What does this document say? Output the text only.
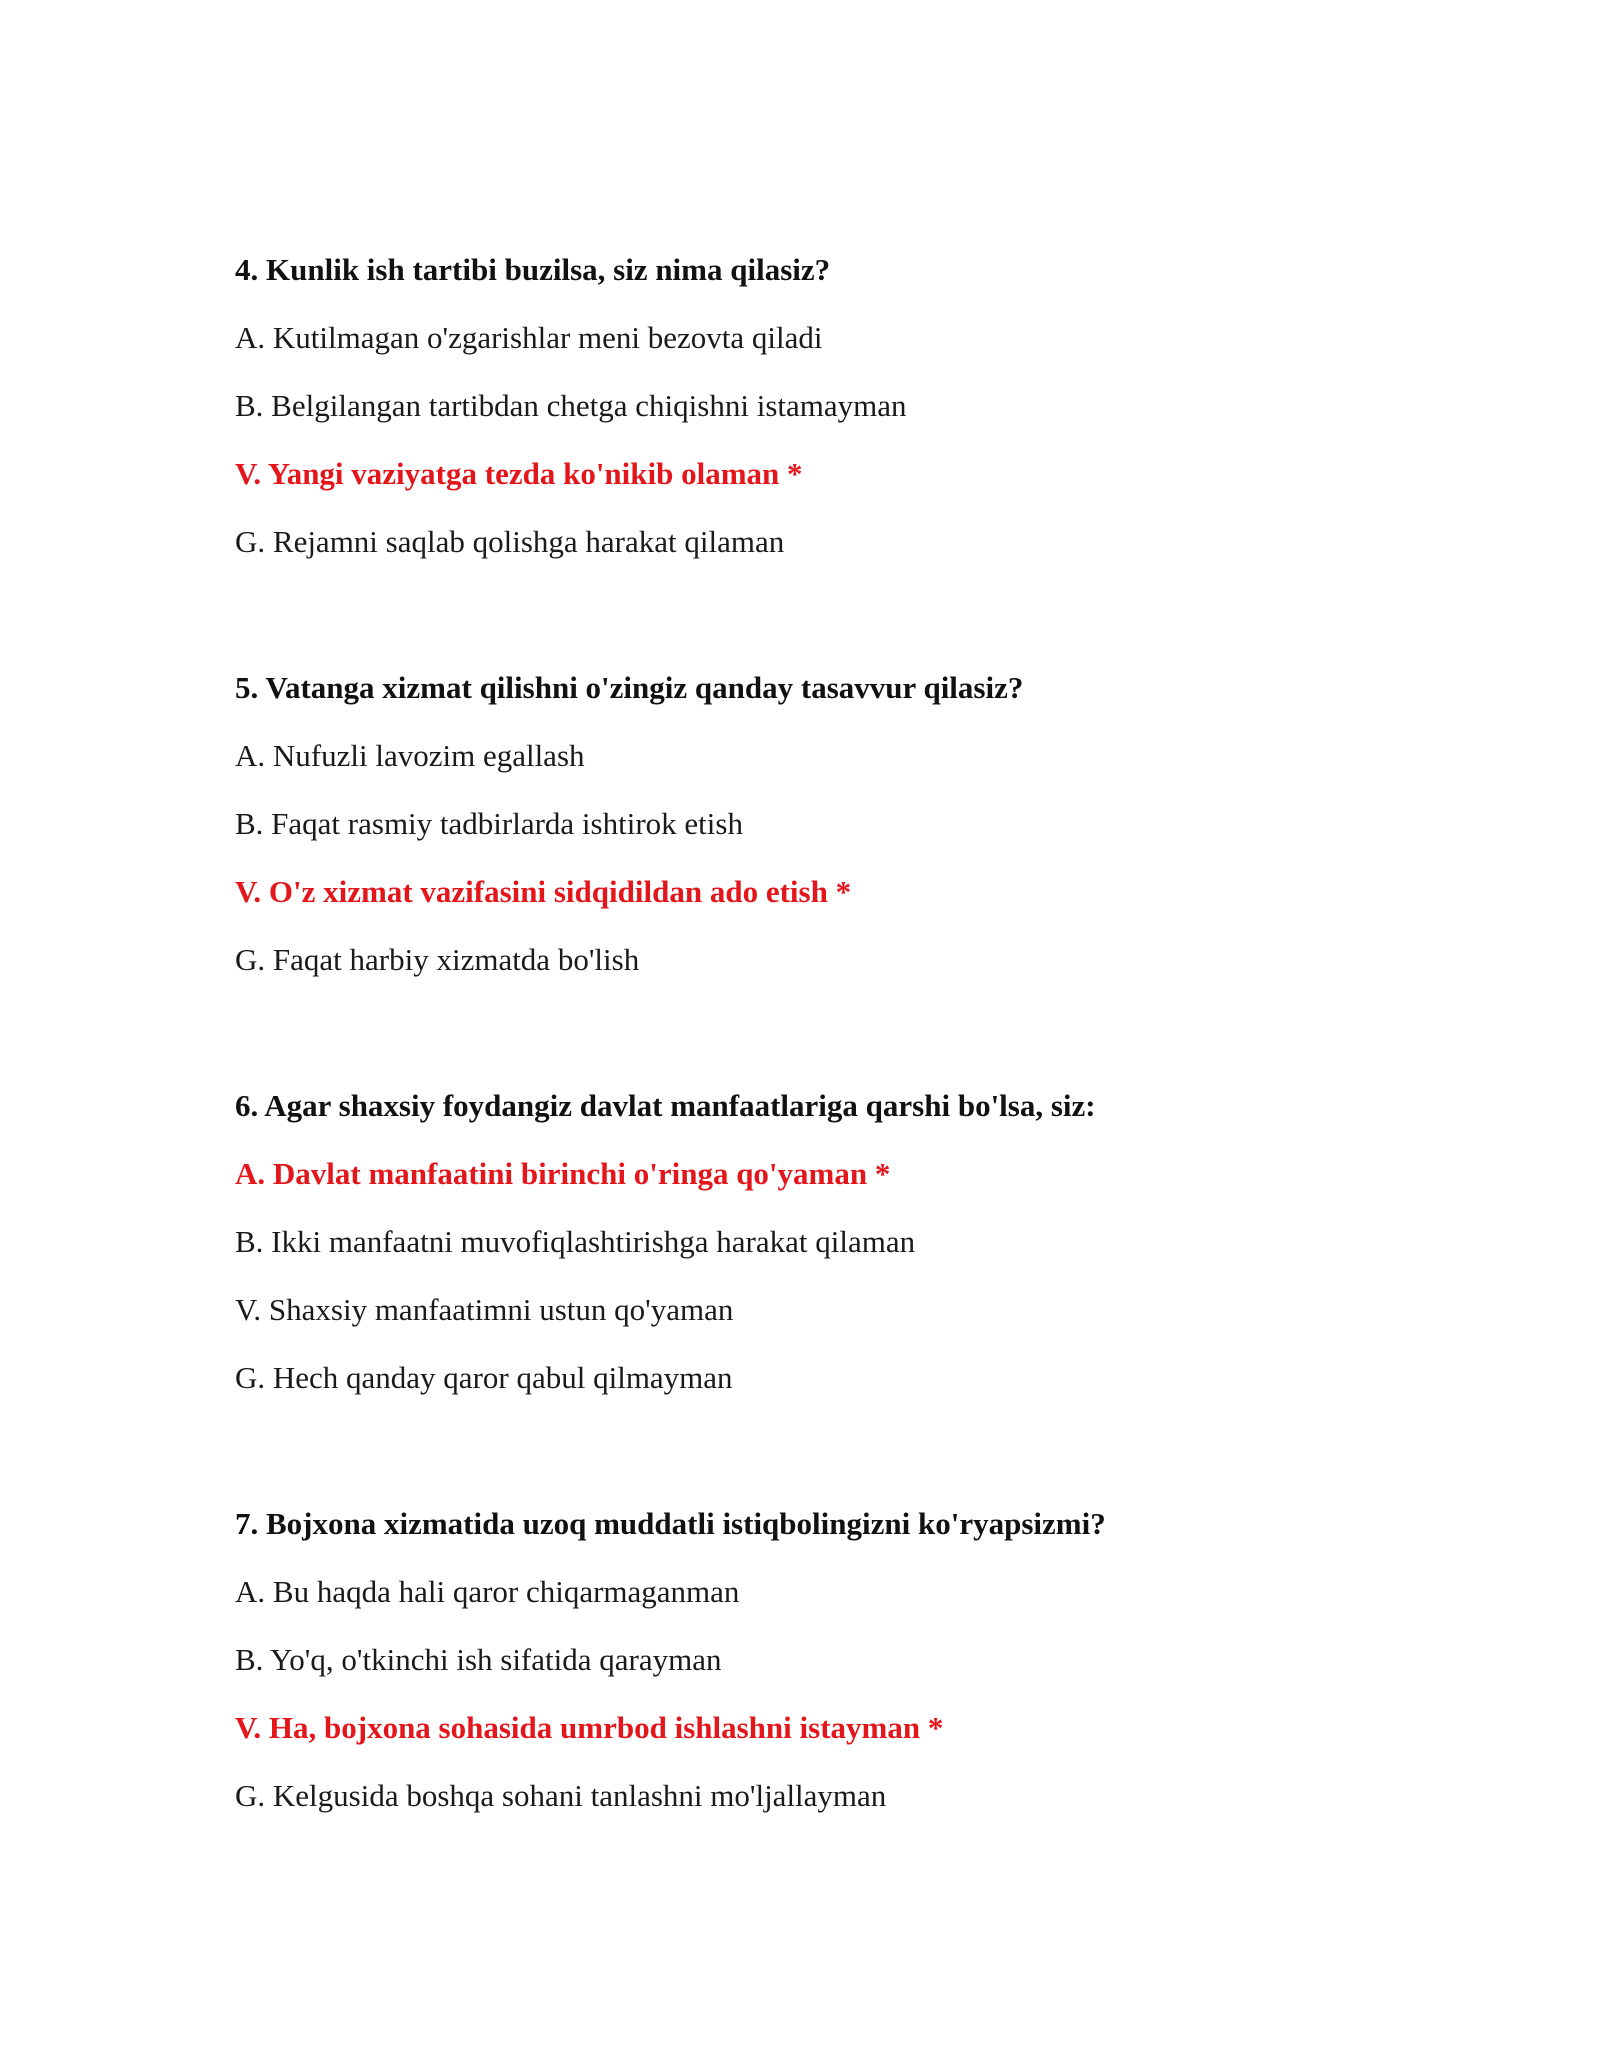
4. Kunlik ish tartibi buzilsa, siz nima qilasiz?
A. Kutilmagan o'zgarishlar meni bezovta qiladi
B. Belgilangan tartibdan chetga chiqishni istamayman
V. Yangi vaziyatga tezda ko'nikib olaman *
G. Rejamni saqlab qolishga harakat qilaman
5. Vatanga xizmat qilishni o'zingiz qanday tasavvur qilasiz?
A. Nufuzli lavozim egallash
B. Faqat rasmiy tadbirlarda ishtirok etish
V. O'z xizmat vazifasini sidqidildan ado etish *
G. Faqat harbiy xizmatda bo'lish
6. Agar shaxsiy foydangiz davlat manfaatlariga qarshi bo'lsa, siz:
A. Davlat manfaatini birinchi o'ringa qo'yaman *
B. Ikki manfaatni muvofiqlashtirishga harakat qilaman
V. Shaxsiy manfaatimni ustun qo'yaman
G. Hech qanday qaror qabul qilmayman
7. Bojxona xizmatida uzoq muddatli istiqbolingizni ko'ryapsizmi?
A. Bu haqda hali qaror chiqarmaganman
B. Yo'q, o'tkinchi ish sifatida qarayman
V. Ha, bojxona sohasida umrbod ishlashni istayman *
G. Kelgusida boshqa sohani tanlashni mo'ljallayman
